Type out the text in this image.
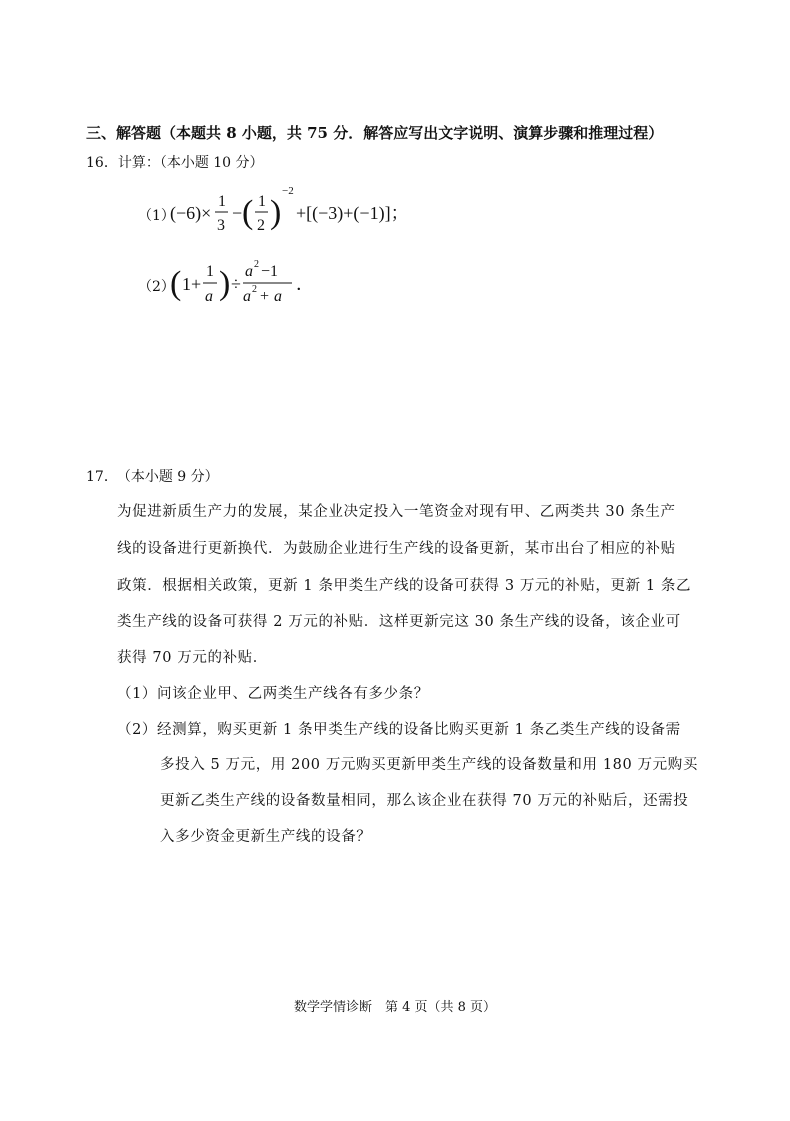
三、解答题（本题共 8 小题，共 75 分．解答应写出文字说明、演算步骤和推理过程）
16．计算：（本小题 10 分）
（1）
(−6)×
1
3
− ( 1
2 )
−2
+[(−3)+(−1)]；
（2）
( 1+
1
a ) ÷
a 2 −1
a 2 + a
．
17． （本小题 9 分）
为促进新质生产力的发展，某企业决定投入一笔资金对现有甲、乙两类共 30 条生产
线的设备进行更新换代．为鼓励企业进行生产线的设备更新，某市出台了相应的补贴
政策．根据相关政策，更新 1 条甲类生产线的设备可获得 3 万元的补贴，更新 1 条乙
类生产线的设备可获得 2 万元的补贴．这样更新完这 30 条生产线的设备，该企业可
获得 70 万元的补贴．
（1）问该企业甲、乙两类生产线各有多少条？
（2）经测算，购买更新 1 条甲类生产线的设备比购买更新 1 条乙类生产线的设备需
多投入 5 万元，用 200 万元购买更新甲类生产线的设备数量和用 180 万元购买
更新乙类生产线的设备数量相同，那么该企业在获得 70 万元的补贴后，还需投
入多少资金更新生产线的设备？
数学学情诊断　第 4 页（共 8 页）
